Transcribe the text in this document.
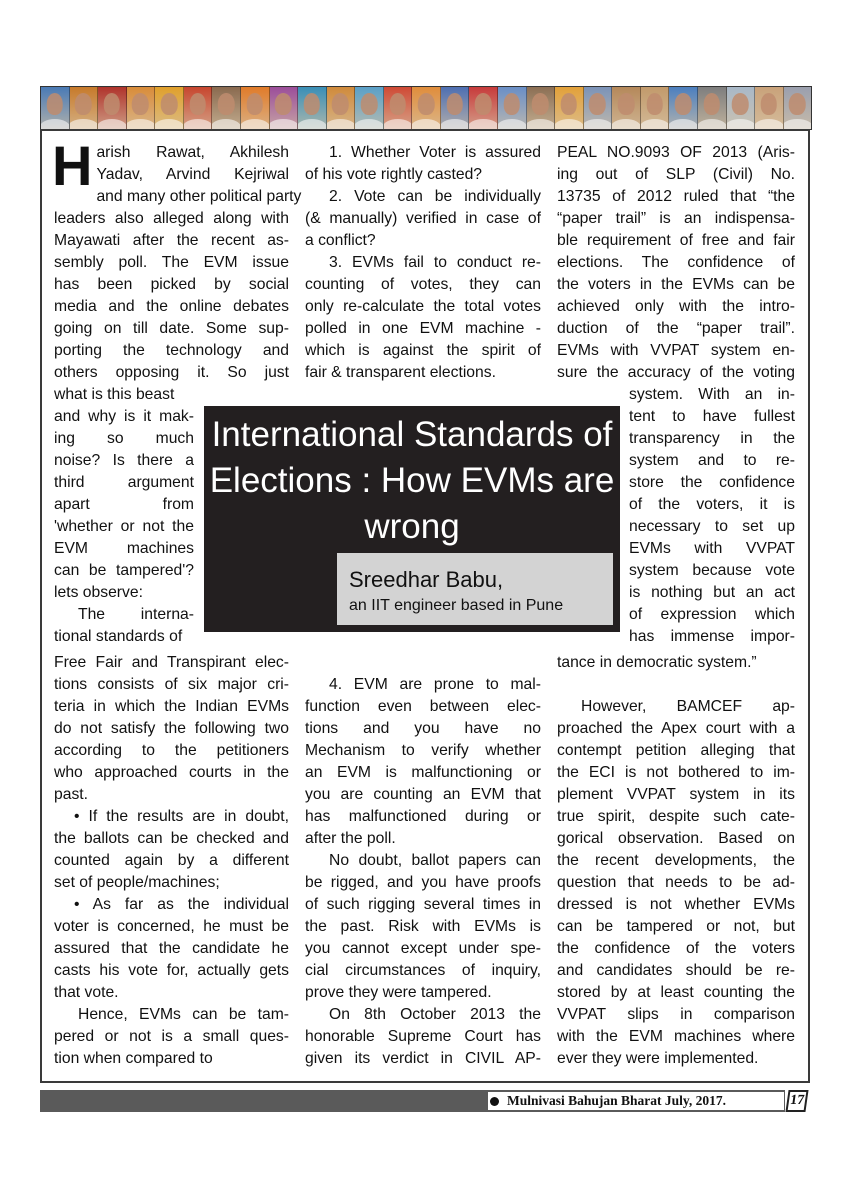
H arish Rawat, Akhilesh
Yadav, Arvind Kejriwal
and many other political party
leaders also alleged along with
Mayawati after the recent as-
sembly poll. The EVM issue
has been picked by social
media and the online debates
going on till date. Some sup-
porting the technology and
others opposing it. So just
what is this beast
and why is it mak-
ing so much
noise? Is there a
third argument
apart from
'whether or not the
EVM machines
can be tampered'?
lets observe:
The interna-
tional standards of
Free Fair and Transpirant elec-
tions consists of six major cri-
teria in which the Indian EVMs
do not satisfy the following two
according to the petitioners
who approached courts in the
past.
• If the results are in doubt,
the ballots can be checked and
counted again by a different
set of people/machines;
• As far as the individual
voter is concerned, he must be
assured that the candidate he
casts his vote for, actually gets
that vote.
Hence, EVMs can be tam-
pered or not is a small ques-
tion when compared to
1. Whether Voter is assured
of his vote rightly casted?
2. Vote can be individually
(& manually) verified in case of
a conflict?
3. EVMs fail to conduct re-
counting of votes, they can
only re-calculate the total votes
polled in one EVM machine -
which is against the spirit of
fair & transparent elections.
4. EVM are prone to mal-
function even between elec-
tions and you have no
Mechanism to verify whether
an EVM is malfunctioning or
you are counting an EVM that
has malfunctioned during or
after the poll.
No doubt, ballot papers can
be rigged, and you have proofs
of such rigging several times in
the past. Risk with EVMs is
you cannot except under spe-
cial circumstances of inquiry,
prove they were tampered.
On 8th October 2013 the
honorable Supreme Court has
given its verdict in CIVIL AP-
PEAL NO.9093 OF 2013 (Aris-
ing out of SLP (Civil) No.
13735 of 2012 ruled that “the
“paper trail” is an indispensa-
ble requirement of free and fair
elections. The confidence of
the voters in the EVMs can be
achieved only with the intro-
duction of the “paper trail”.
EVMs with VVPAT system en-
sure the accuracy of the voting
system. With an in-
tent to have fullest
transparency in the
system and to re-
store the confidence
of the voters, it is
necessary to set up
EVMs with VVPAT
system because vote
is nothing but an act
of expression which
has immense impor-
tance in democratic system.”
However, BAMCEF ap-
proached the Apex court with a
contempt petition alleging that
the ECI is not bothered to im-
plement VVPAT system in its
true spirit, despite such cate-
gorical observation. Based on
the recent developments, the
question that needs to be ad-
dressed is not whether EVMs
can be tampered or not, but
the confidence of the voters
and candidates should be re-
stored by at least counting the
VVPAT slips in comparison
with the EVM machines where
ever they were implemented.
International Standards of Elections : How EVMs are wrong
Sreedhar Babu,
an IIT engineer based in Pune
Mulnivasi Bahujan Bharat July, 2017.	17
